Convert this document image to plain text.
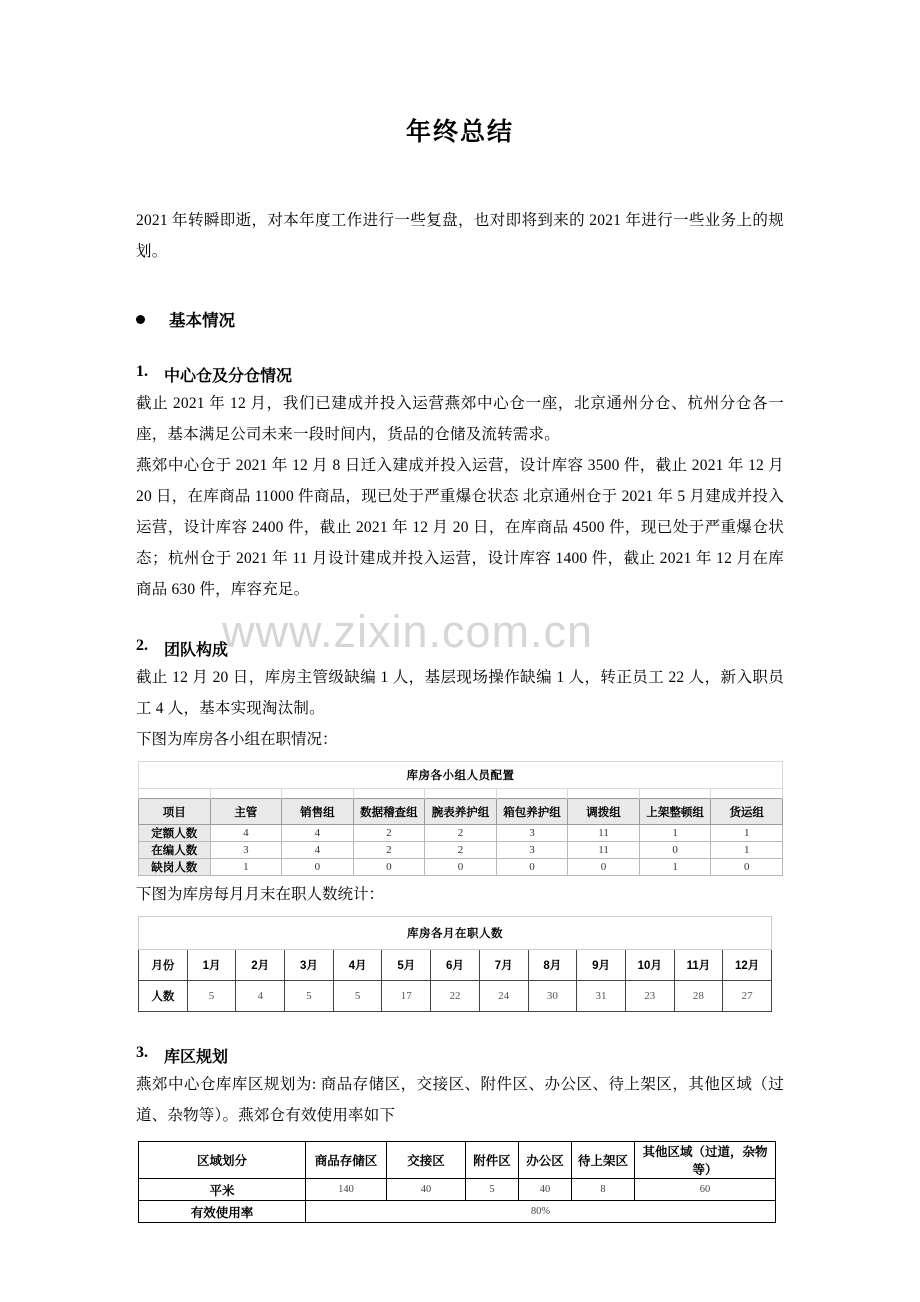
www.zixin.com.cn
年终总结

2021 年转瞬即逝，对本年度工作进行一些复盘，也对即将到来的 2021 年进行一些业务上的规划。

基本情况
1.	中心仓及分仓情况

截止 2021 年 12 月，我们已建成并投入运营燕郊中心仓一座，北京通州分仓、杭州分仓各一座，基本满足公司未来一段时间内，货品的仓储及流转需求。

燕郊中心仓于 2021 年 12 月 8 日迁入建成并投入运营，设计库容 3500 件，截止 2021 年 12 月 20 日，在库商品 11000 件商品，现已处于严重爆仓状态 北京通州仓于 2021 年 5 月建成并投入运营，设计库容 2400 件，截止 2021 年 12 月 20 日，在库商品 4500 件，现已处于严重爆仓状态；杭州仓于 2021 年 11 月设计建成并投入运营，设计库容 1400 件，截止 2021 年 12 月在库商品 630 件，库容充足。

2.	团队构成

截止 12 月 20 日，库房主管级缺编 1 人，基层现场操作缺编 1 人，转正员工 22 人，新入职员工 4 人，基本实现淘汰制。

下图为库房各小组在职情况：

库房各小组人员配置								

项目	主管	销售组	数据稽查组	腕表养护组	箱包养护组	调拨组	上架整顿组	货运组
定额人数	4	4	2	2	3	11	1	1
在编人数	3	4	2	2	3	11	0	1
缺岗人数	1	0	0	0	0	0	1	0

下图为库房每月月末在职人数统计：

库房各月在职人数												
月份	1月	2月	3月	4月	5月	6月	7月	8月	9月	10月	11月	12月
人数	5	4	5	5	17	22	24	30	31	23	28	27
3.	库区规划

燕郊中心仓库库区规划为: 商品存储区，交接区、附件区、办公区、待上架区，其他区域（过道、杂物等）。燕郊仓有效使用率如下

区域划分	商品存储区	交接区	附件区	办公区	待上架区	其他区域（过道，杂物等）
平米	140	40	5	40	8	60
有效使用率	80%					
